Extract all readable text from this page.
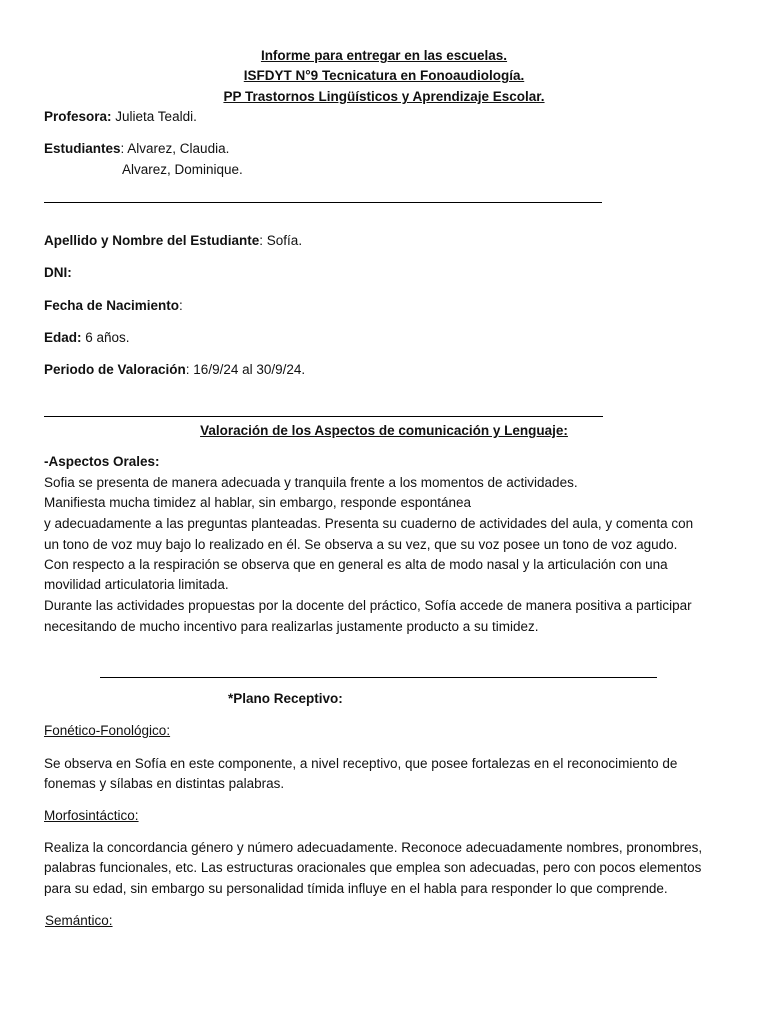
Informe para entregar en las escuelas.
ISFDYT N°9 Tecnicatura en Fonoaudiología.
PP Trastornos Lingüísticos y Aprendizaje Escolar.
Profesora: Julieta Tealdi.
Estudiantes: Alvarez, Claudia.
Alvarez, Dominique.
Apellido y Nombre del Estudiante: Sofía.
DNI:
Fecha de Nacimiento:
Edad: 6 años.
Periodo de Valoración: 16/9/24 al 30/9/24.
Valoración de los Aspectos de comunicación y Lenguaje:
-Aspectos Orales:
Sofia se presenta de manera adecuada y tranquila frente a los momentos de actividades.
Manifiesta mucha timidez al hablar, sin embargo, responde espontánea
y adecuadamente a las preguntas planteadas. Presenta su cuaderno de actividades del aula, y comenta con
un tono de voz muy bajo lo realizado en él. Se observa a su vez, que su voz posee un tono de voz agudo.
Con respecto a la respiración se observa que en general es alta de modo nasal y la articulación con una
movilidad articulatoria limitada.
Durante las actividades propuestas por la docente del práctico, Sofía accede de manera positiva a participar
necesitando de mucho incentivo para realizarlas justamente producto a su timidez.
*Plano Receptivo:
Fonético-Fonológico:
Se observa en Sofía en este componente, a nivel receptivo, que posee fortalezas en el reconocimiento de
fonemas y sílabas en distintas palabras.
Morfosintáctico:
Realiza la concordancia género y número adecuadamente. Reconoce adecuadamente nombres, pronombres,
palabras funcionales, etc. Las estructuras oracionales que emplea son adecuadas, pero con pocos elementos
para su edad, sin embargo su personalidad tímida influye en el habla para responder lo que comprende.
Semántico:
